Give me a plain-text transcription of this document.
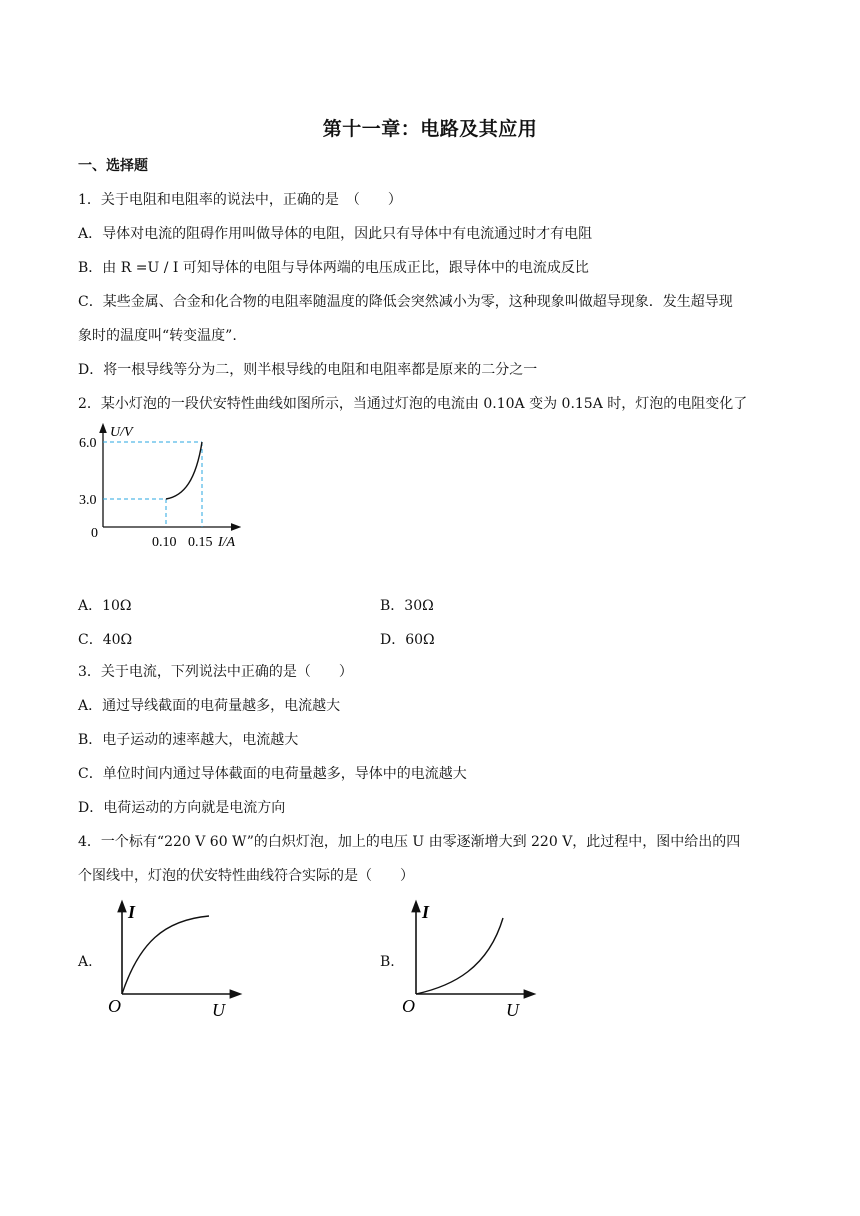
第十一章：电路及其应用
一、选择题
1．关于电阻和电阻率的说法中，正确的是　（　　）
A．导体对电流的阻碍作用叫做导体的电阻，因此只有导体中有电流通过时才有电阻
B．由 R =U / I 可知导体的电阻与导体两端的电压成正比，跟导体中的电流成反比
C．某些金属、合金和化合物的电阻率随温度的降低会突然减小为零，这种现象叫做超导现象．发生超导现
象时的温度叫“转变温度”.
D．将一根导线等分为二，则半根导线的电阻和电阻率都是原来的二分之一
2．某小灯泡的一段伏安特性曲线如图所示，当通过灯泡的电流由 0.10A 变为 0.15A 时，灯泡的电阻变化了
U/V
6.0
3.0
0
0.10 0.15 I/A
A．10Ω	B．30Ω
C．40Ω	D．60Ω
3．关于电流，下列说法中正确的是（　　）
A．通过导线截面的电荷量越多，电流越大
B．电子运动的速率越大，电流越大
C．单位时间内通过导体截面的电荷量越多，导体中的电流越大
D．电荷运动的方向就是电流方向
4．一个标有“220 V 60 W”的白炽灯泡，加上的电压 U 由零逐渐增大到 220 V，此过程中，图中给出的四
个图线中，灯泡的伏安特性曲线符合实际的是（　　）
A.
I
O	U
B.
I
O	U
